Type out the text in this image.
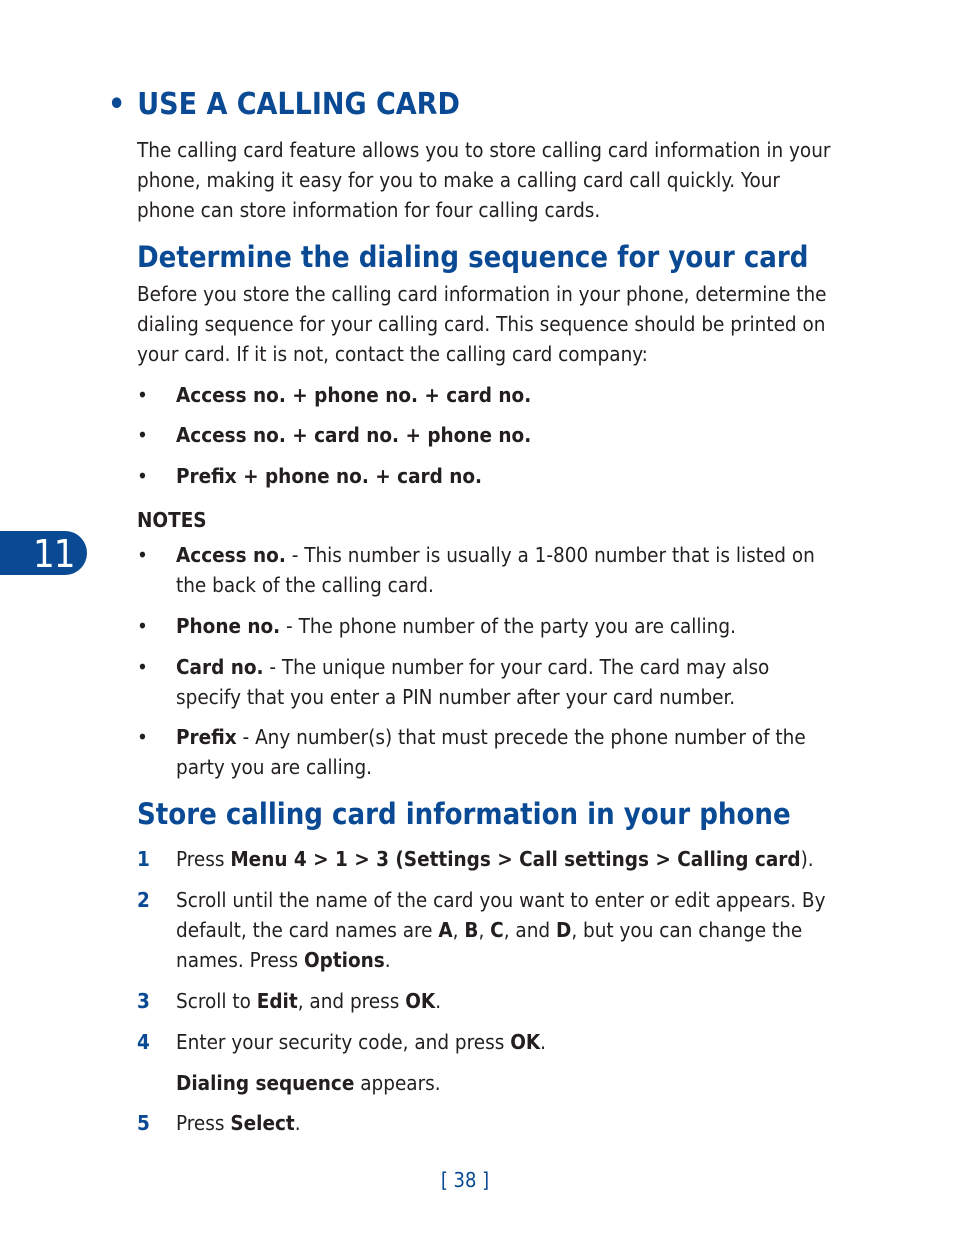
• USE A CALLING CARD
The calling card feature allows you to store calling card information in your phone, making it easy for you to make a calling card call quickly. Your phone can store information for four calling cards.
Determine the dialing sequence for your card
Before you store the calling card information in your phone, determine the dialing sequence for your calling card. This sequence should be printed on your card. If it is not, contact the calling card company:
•	Access no. + phone no. + card no.
•	Access no. + card no. + phone no.
•	Prefix + phone no. + card no.
NOTES
•	Access no. - This number is usually a 1-800 number that is listed on the back of the calling card.
•	Phone no. - The phone number of the party you are calling.
•	Card no. - The unique number for your card. The card may also specify that you enter a PIN number after your card number.
•	Prefix - Any number(s) that must precede the phone number of the party you are calling.
Store calling card information in your phone
1 Press Menu 4 > 1 > 3 (Settings > Call settings > Calling card).
2 Scroll until the name of the card you want to enter or edit appears. By default, the card names are A, B, C, and D, but you can change the names. Press Options.
3 Scroll to Edit, and press OK.
4 Enter your security code, and press OK.
Dialing sequence appears.
5 Press Select.
11
[ 38 ]
